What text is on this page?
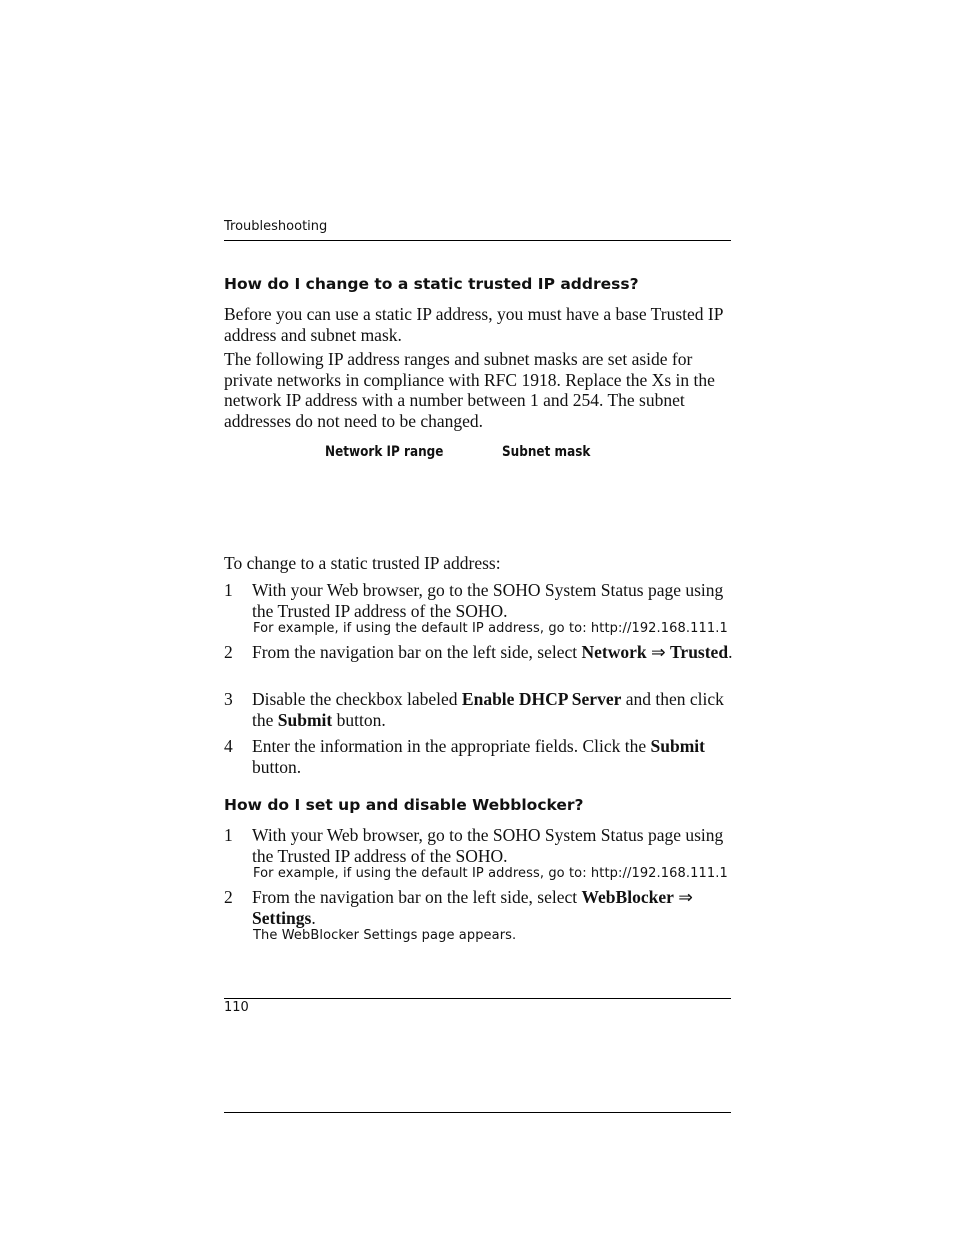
Troubleshooting
How do I change to a static trusted IP address?
Before you can use a static IP address, you must have a base Trusted IP address and subnet mask.
The following IP address ranges and subnet masks are set aside for private networks in compliance with RFC 1918. Replace the Xs in the network IP address with a number between 1 and 254. The subnet addresses do not need to be changed.
Network IP range	Subnet mask
To change to a static trusted IP address:
1 With your Web browser, go to the SOHO System Status page using the Trusted IP address of the SOHO.
For example, if using the default IP address, go to: http://192.168.111.1
2 From the navigation bar on the left side, select Network ⇒ Trusted.
3 Disable the checkbox labeled Enable DHCP Server and then click the Submit button.
4 Enter the information in the appropriate fields. Click the Submit button.
How do I set up and disable Webblocker?
1 With your Web browser, go to the SOHO System Status page using the Trusted IP address of the SOHO.
For example, if using the default IP address, go to: http://192.168.111.1
2 From the navigation bar on the left side, select WebBlocker ⇒ Settings.
The WebBlocker Settings page appears.
110
